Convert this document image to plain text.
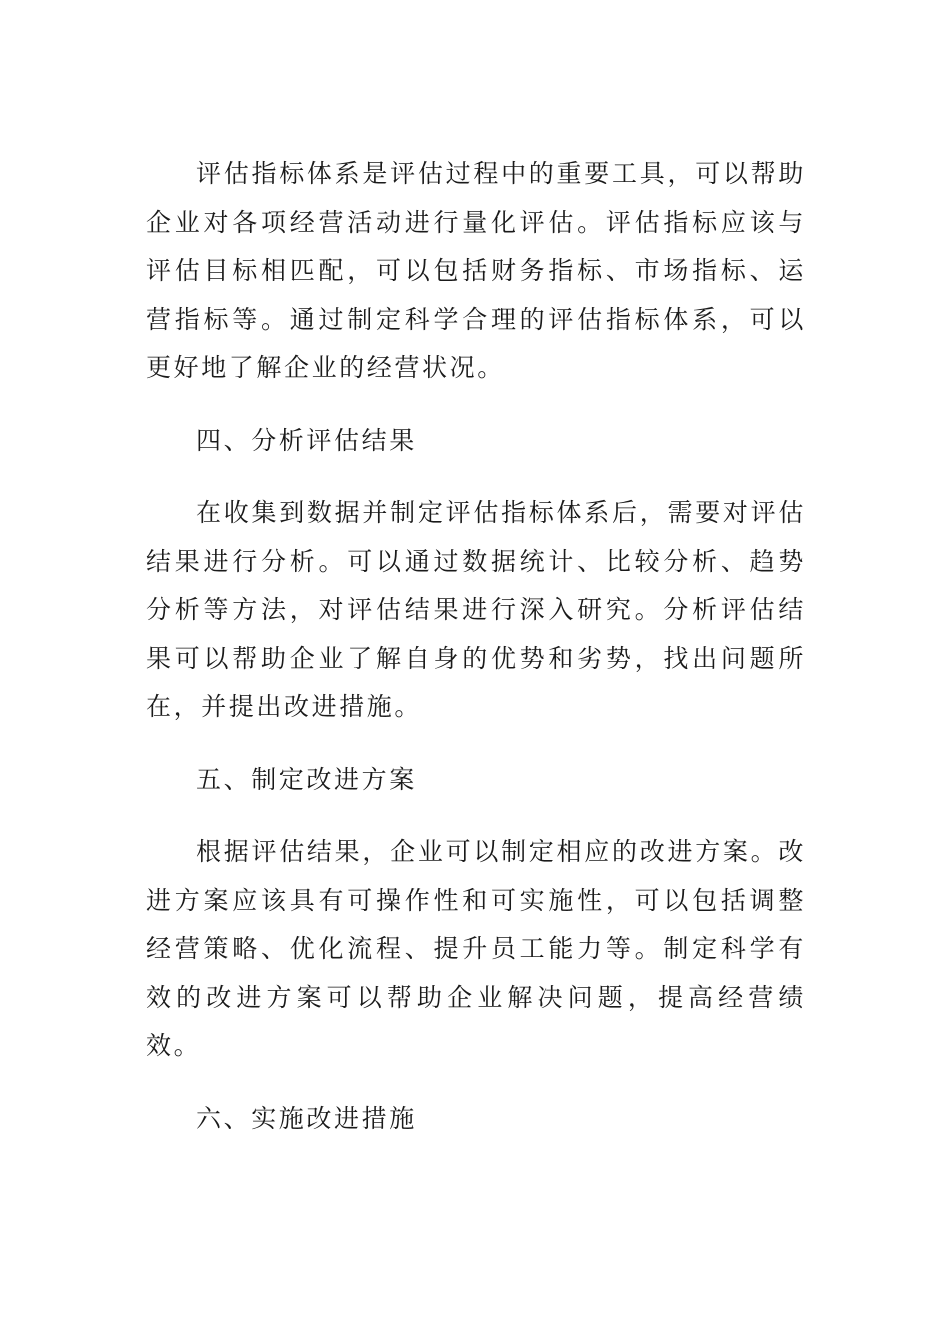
评估指标体系是评估过程中的重要工具，可以帮助企业对各项经营活动进行量化评估。评估指标应该与评估目标相匹配，可以包括财务指标、市场指标、运营指标等。通过制定科学合理的评估指标体系，可以更好地了解企业的经营状况。

四、分析评估结果

在收集到数据并制定评估指标体系后，需要对评估结果进行分析。可以通过数据统计、比较分析、趋势分析等方法，对评估结果进行深入研究。分析评估结果可以帮助企业了解自身的优势和劣势，找出问题所在，并提出改进措施。

五、制定改进方案

根据评估结果，企业可以制定相应的改进方案。改进方案应该具有可操作性和可实施性，可以包括调整经营策略、优化流程、提升员工能力等。制定科学有效的改进方案可以帮助企业解决问题，提高经营绩效。

六、实施改进措施
